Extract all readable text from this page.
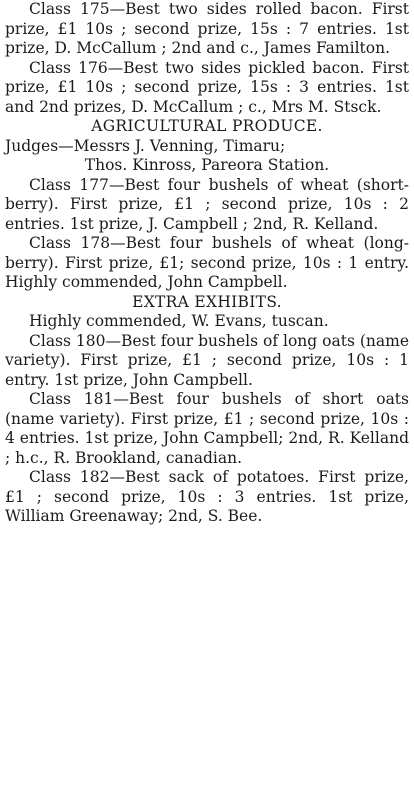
Class 175—Best two sides rolled bacon. First prize, £1 10s ; second prize, 15s : 7 entries. 1st prize, D. McCallum ; 2nd and c., James Familton.

Class 176—Best two sides pickled bacon. First prize, £1 10s ; second prize, 15s : 3 entries. 1st and 2nd prizes, D. McCallum ; c., Mrs M. Stsck.

AGRICULTURAL PRODUCE.

Judges—Messrs J. Venning, Timaru;

Thos. Kinross, Pareora Station.

Class 177—Best four bushels of wheat (short-berry). First prize, £1 ; second prize, 10s : 2 entries. 1st prize, J. Campbell ; 2nd, R. Kelland.

Class 178—Best four bushels of wheat (long-berry). First prize, £1; second prize, 10s : 1 entry. Highly commended, John Campbell.

EXTRA EXHIBITS.

Highly commended, W. Evans, tuscan.

Class 180—Best four bushels of long oats (name variety). First prize, £1 ; second prize, 10s : 1 entry. 1st prize, John Campbell.

Class 181—Best four bushels of short oats (name variety). First prize, £1 ; second prize, 10s : 4 entries. 1st prize, John Campbell; 2nd, R. Kelland ; h.c., R. Brookland, canadian.

Class 182—Best sack of potatoes. First prize, £1 ; second prize, 10s : 3 entries. 1st prize, William Greenaway; 2nd, S. Bee.
